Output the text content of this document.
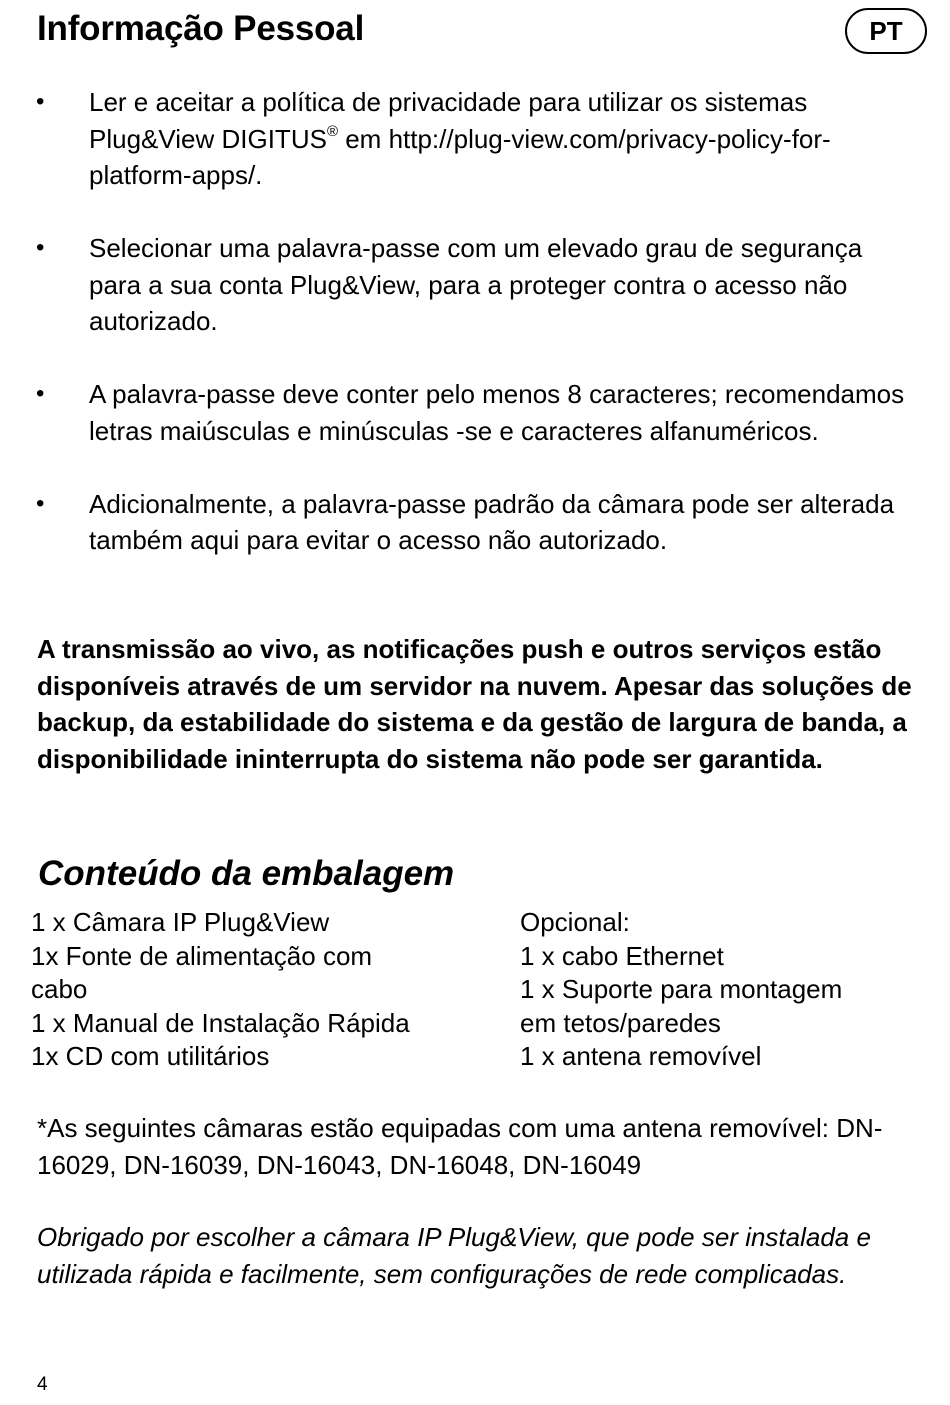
Informação Pessoal	PT
• Ler e aceitar a política de privacidade para utilizar os sistemas Plug&View DIGITUS® em http://plug-view.com/privacy-policy-for-platform-apps/.
• Selecionar uma palavra-passe com um elevado grau de segurança para a sua conta Plug&View, para a proteger contra o acesso não autorizado.
• A palavra-passe deve conter pelo menos 8 caracteres; recomendamos letras maiúsculas e minúsculas -se e caracteres alfanuméricos.
• Adicionalmente, a palavra-passe padrão da câmara pode ser alterada também aqui para evitar o acesso não autorizado.

A transmissão ao vivo, as notificações push e outros serviços estão disponíveis através de um servidor na nuvem. Apesar das soluções de backup, da estabilidade do sistema e da gestão de largura de banda, a disponibilidade ininterrupta do sistema não pode ser garantida.

Conteúdo da embalagem
1 x Câmara IP Plug&View
1x Fonte de alimentação com
cabo
1 x Manual de Instalação Rápida
1x CD com utilitários
Opcional:
1 x cabo Ethernet
1 x Suporte para montagem
em tetos/paredes
1 x antena removível

*As seguintes câmaras estão equipadas com uma antena removível: DN-16029, DN-16039, DN-16043, DN-16048, DN-16049

Obrigado por escolher a câmara IP Plug&View, que pode ser instalada e utilizada rápida e facilmente, sem configurações de rede complicadas.

4
